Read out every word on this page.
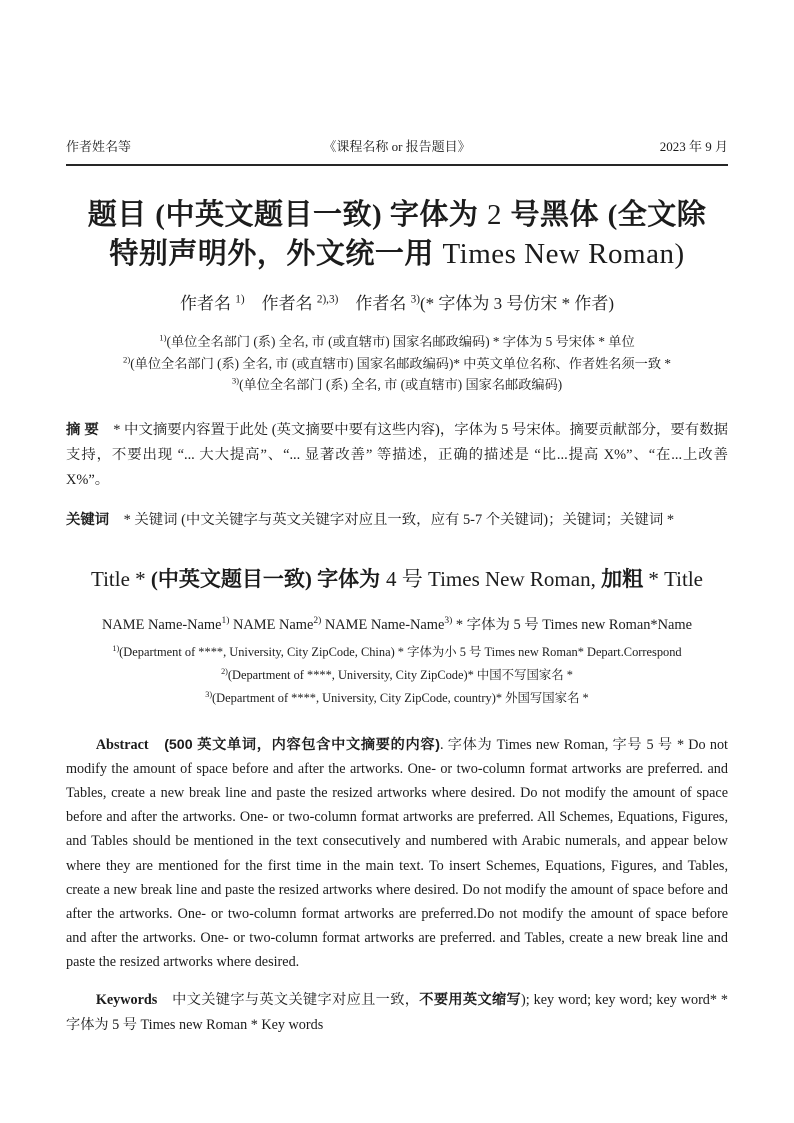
作者姓名等	《课程名称 or 报告题目》	2023 年 9 月
题目 (中英文题目一致) 字体为 2 号黑体 (全文除
特别声明外，外文统一用 Times New Roman)
作者名 $^{1)}$　 作者名 $^{2),3)}$　 作者名 $^{3)}$(* 字体为 3 号仿宋 * 作者)
$^{1)}$(单位全名部门 (系) 全名, 市 (或直辖市) 国家名邮政编码) * 字体为 5 号宋体 * 单位
$^{2)}$(单位全名部门 (系) 全名, 市 (或直辖市) 国家名邮政编码)* 中英文单位名称、作者姓名须一致 *
$^{3)}$(单位全名部门 (系) 全名, 市 (或直辖市) 国家名邮政编码)
摘 要　* 中文摘要内容置于此处 (英文摘要中要有这些内容)，字体为 5 号宋体。摘要贡献部分，要有数据支持，不要出现 “... 大大提高”、“... 显著改善” 等描述，正确的描述是 “比...提高 X%”、“在...上改善 X%”。
关键词　* 关键词 (中文关键字与英文关键字对应且一致，应有 5-7 个关键词)；关键词；关键词 *
Title * (中英文题目一致) 字体为 4 号 Times New Roman, 加粗 * Title
NAME Name-Name$^{1)}$ NAME Name$^{2)}$ NAME Name-Name$^{3)}$ * 字体为 5 号 Times new Roman*Name
$^{1)}$(Department of ****, University, City ZipCode, China) * 字体为小 5 号 Times new Roman* Depart.Correspond
$^{2)}$(Department of ****, University, City ZipCode)* 中国不写国家名 *
$^{3)}$(Department of ****, University, City ZipCode, country)* 外国写国家名 *
Abstract　 (500 英文单词，内容包含中文摘要的内容). 字体为 Times new Roman, 字号 5 号 * Do not modify the amount of space before and after the artworks. One- or two-column format artworks are preferred. and Tables, create a new break line and paste the resized artworks where desired. Do not modify the amount of space before and after the artworks. One- or two-column format artworks are preferred. All Schemes, Equations, Figures, and Tables should be mentioned in the text consecutively and numbered with Arabic numerals, and appear below where they are mentioned for the first time in the main text. To insert Schemes, Equations, Figures, and Tables, create a new break line and paste the resized artworks where desired. Do not modify the amount of space before and after the artworks. One- or two-column format artworks are preferred.Do not modify the amount of space before and after the artworks. One- or two-column format artworks are preferred. and Tables, create a new break line and paste the resized artworks where desired.
Keywords　中文关键字与英文关键字对应且一致，不要用英文缩写); key word; key word; key word* * 字体为 5 号 Times new Roman * Key words
